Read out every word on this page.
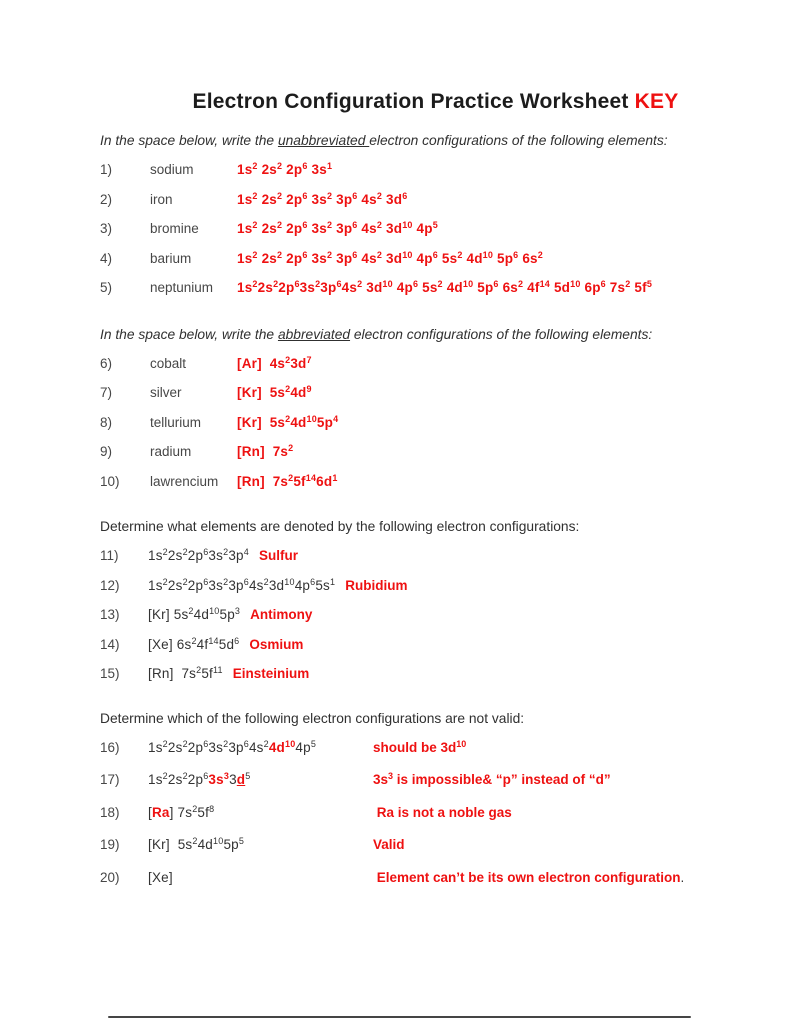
Electron Configuration Practice Worksheet KEY
In the space below, write the unabbreviated electron configurations of the following elements:
1)	sodium	$1s^2$ $2s^2$ $2p^6$ $3s^1$
2)	iron	$1s^2$ $2s^2$ $2p^6$ $3s^2$ $3p^6$ $4s^2$ $3d^6$
3)	bromine	$1s^2$ $2s^2$ $2p^6$ $3s^2$ $3p^6$ $4s^2$ $3d^{10}$ $4p^5$
4)	barium	$1s^2$ $2s^2$ $2p^6$ $3s^2$ $3p^6$ $4s^2$ $3d^{10}$ $4p^6$ $5s^2$ $4d^{10}$ $5p^6$ $6s^2$
5)	neptunium	$1s^22s^22p^63s^23p^64s^2$ $3d^{10}$ $4p^6$ $5s^2$ $4d^{10}$ $5p^6$ $6s^2$ $4f^{14}$ $5d^{10}$ $6p^6$ $7s^2$ $5f^5$
In the space below, write the abbreviated electron configurations of the following elements:
6)	cobalt	[Ar]  $4s^23d^7$
7)	silver	[Kr]  $5s^24d^9$
8)	tellurium	[Kr]  $5s^24d^{10}5p^4$
9)	radium	[Rn]  $7s^2$
10)	lawrencium	[Rn]  $7s^25f^{14}6d^1$
Determine what elements are denoted by the following electron configurations:
11)	$1s^22s^22p^63s^23p^4$ Sulfur
12)	$1s^22s^22p^63s^23p^64s^23d^{10}4p^65s^1$ Rubidium
13)	[Kr] $5s^24d^{10}5p^3$ Antimony
14)	[Xe] $6s^24f^{14}5d^6$ Osmium
15)	[Rn]  $7s^25f^{11}$ Einsteinium
Determine which of the following electron configurations are not valid:
16)	$1s^22s^22p^63s^23p^64s^24d^{10}4p^5$	should be $3d^{10}$
17)	$1s^22s^22p^63s^33d^5$	$3s^3$ is impossible& “p” instead of “d”
18)	[Ra] $7s^25f^8$	Ra is not a noble gas
19)	[Kr]  $5s^24d^{10}5p^5$	Valid
20)	[Xe]	Element can’t be its own electron configuration.
